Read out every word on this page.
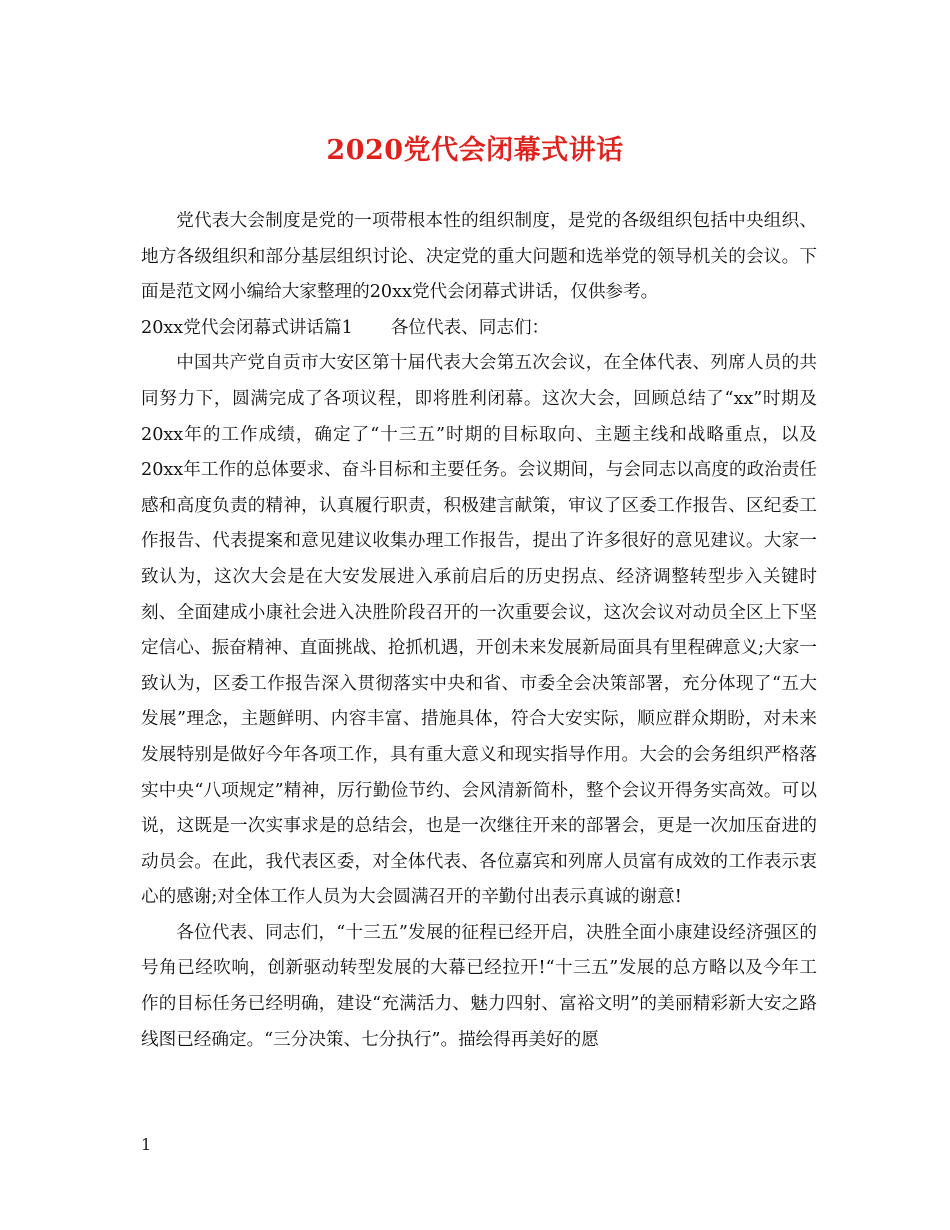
2020党代会闭幕式讲话

党代表大会制度是党的一项带根本性的组织制度，是党的各级组织包括中央组织、地方各级组织和部分基层组织讨论、决定党的重大问题和选举党的领导机关的会议。下面是范文网小编给大家整理的20xx党代会闭幕式讲话，仅供参考。

20xx党代会闭幕式讲话篇1 各位代表、同志们：

中国共产党自贡市大安区第十届代表大会第五次会议，在全体代表、列席人员的共同努力下，圆满完成了各项议程，即将胜利闭幕。这次大会，回顾总结了“xx”时期及20xx年的工作成绩，确定了“十三五”时期的目标取向、主题主线和战略重点，以及20xx年工作的总体要求、奋斗目标和主要任务。会议期间，与会同志以高度的政治责任感和高度负责的精神，认真履行职责，积极建言献策，审议了区委工作报告、区纪委工作报告、代表提案和意见建议收集办理工作报告，提出了许多很好的意见建议。大家一致认为，这次大会是在大安发展进入承前启后的历史拐点、经济调整转型步入关键时刻、全面建成小康社会进入决胜阶段召开的一次重要会议，这次会议对动员全区上下坚定信心、振奋精神、直面挑战、抢抓机遇，开创未来发展新局面具有里程碑意义;大家一致认为，区委工作报告深入贯彻落实中央和省、市委全会决策部署，充分体现了“五大发展”理念，主题鲜明、内容丰富、措施具体，符合大安实际，顺应群众期盼，对未来发展特别是做好今年各项工作，具有重大意义和现实指导作用。大会的会务组织严格落实中央“八项规定”精神，厉行勤俭节约、会风清新简朴，整个会议开得务实高效。可以说，这既是一次实事求是的总结会，也是一次继往开来的部署会，更是一次加压奋进的动员会。在此，我代表区委，对全体代表、各位嘉宾和列席人员富有成效的工作表示衷心的感谢;对全体工作人员为大会圆满召开的辛勤付出表示真诚的谢意!

各位代表、同志们，“十三五”发展的征程已经开启，决胜全面小康建设经济强区的号角已经吹响，创新驱动转型发展的大幕已经拉开!“十三五”发展的总方略以及今年工作的目标任务已经明确，建设“充满活力、魅力四射、富裕文明”的美丽精彩新大安之路线图已经确定。“三分决策、七分执行”。描绘得再美好的愿

1
